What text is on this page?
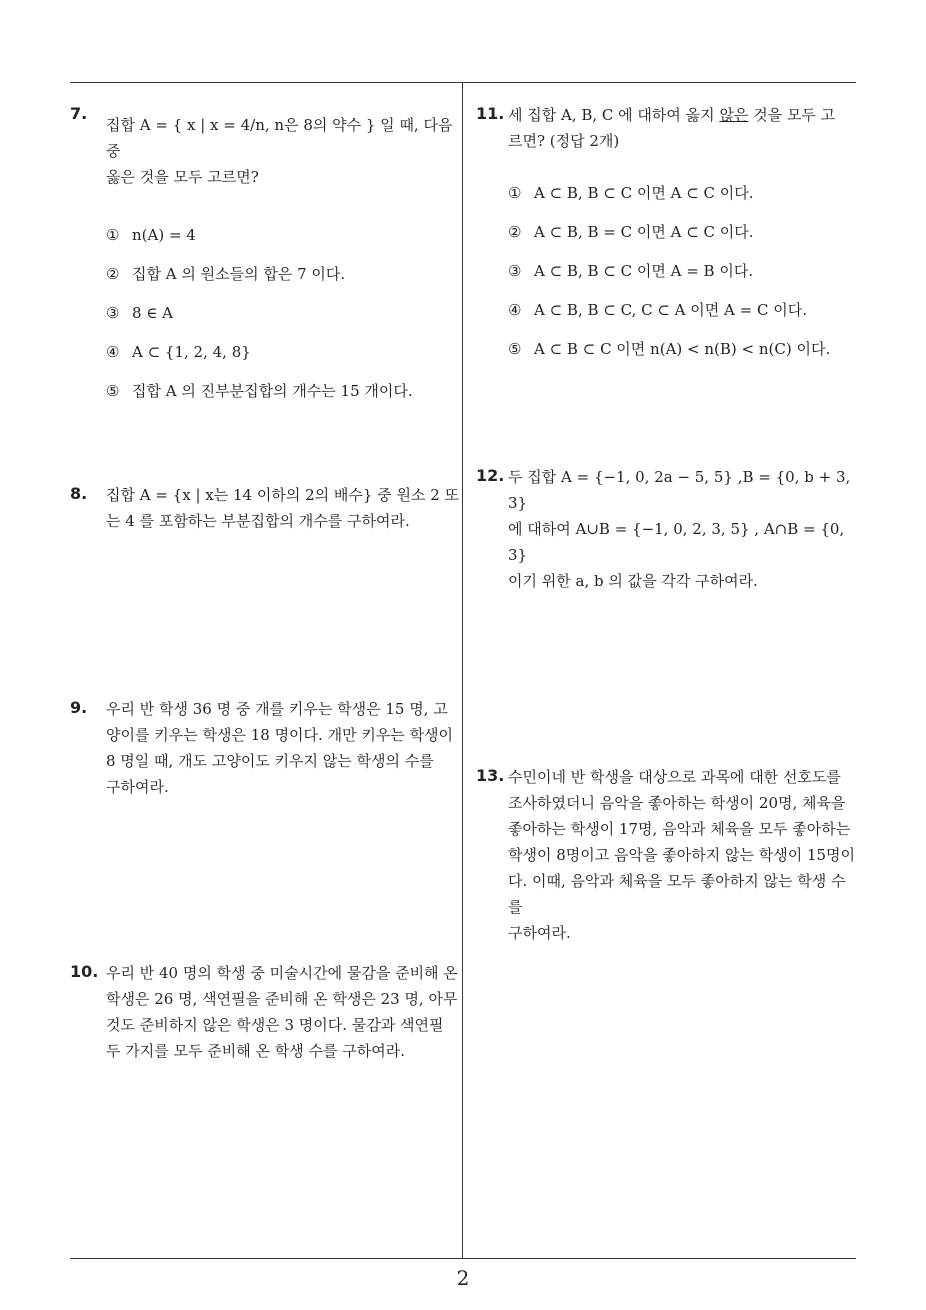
7.

집합 A = { x | x = 4/n, n은 8의 약수 } 일 때, 다음 중

옳은 것을 모두 고르면?

① n(A) = 4
② 집합 A 의 원소들의 합은 7 이다.
③ 8 ∈ A
④ A ⊂ {1, 2, 4, 8}
⑤ 집합 A 의 진부분집합의 개수는 15 개이다.
8. 집합 A = {x | x는 14 이하의 2의 배수} 중 원소 2 또

는 4 를 포함하는 부분집합의 개수를 구하여라.

9. 우리 반 학생 36 명 중 개를 키우는 학생은 15 명, 고

양이를 키우는 학생은 18 명이다. 개만 키우는 학생이

8 명일 때, 개도 고양이도 키우지 않는 학생의 수를

구하여라.

10. 우리 반 40 명의 학생 중 미술시간에 물감을 준비해 온

학생은 26 명, 색연필을 준비해 온 학생은 23 명, 아무

것도 준비하지 않은 학생은 3 명이다. 물감과 색연필

두 가지를 모두 준비해 온 학생 수를 구하여라.

11. 세 집합 A, B, C 에 대하여 옳지 않은 것을 모두 고

르면? (정답 2개)

① A ⊂ B, B ⊂ C 이면 A ⊂ C 이다.
② A ⊂ B, B = C 이면 A ⊂ C 이다.
③ A ⊂ B, B ⊂ C 이면 A = B 이다.
④ A ⊂ B, B ⊂ C, C ⊂ A 이면 A = C 이다.
⑤ A ⊂ B ⊂ C 이면 n(A) < n(B) < n(C) 이다.
12. 두 집합 A = {−1, 0, 2a − 5, 5} ,B = {0, b + 3, 3}

에 대하여 A∪B = {−1, 0, 2, 3, 5} , A∩B = {0, 3}

이기 위한 a, b 의 값을 각각 구하여라.

13. 수민이네 반 학생을 대상으로 과목에 대한 선호도를

조사하였더니 음악을 좋아하는 학생이 20명, 체육을

좋아하는 학생이 17명, 음악과 체육을 모두 좋아하는

학생이 8명이고 음악을 좋아하지 않는 학생이 15명이

다. 이때, 음악과 체육을 모두 좋아하지 않는 학생 수를

구하여라.

2
